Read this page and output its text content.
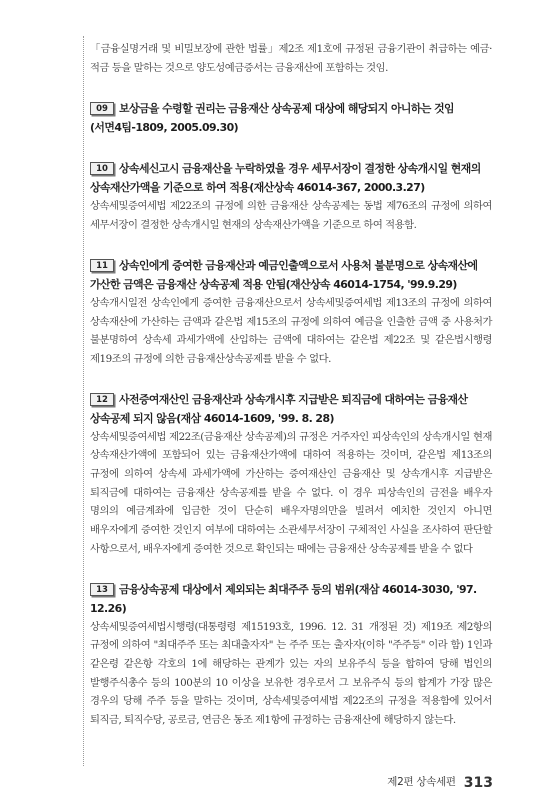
「금융실명거래 및 비밀보장에 관한 법률」제2조 제1호에 규정된 금융기관이 취급하는 예금·적금 등을 말하는 것으로 양도성예금증서는 금융재산에 포함하는 것임.

09 보상금을 수령할 권리는 금융재산 상속공제 대상에 해당되지 아니하는 것임(서면4팀-1809, 2005.09.30)

10 상속세신고시 금융재산을 누락하였을 경우 세무서장이 결정한 상속개시일 현재의 상속재산가액을 기준으로 하여 적용(재산상속 46014-367, 2000.3.27)

상속세및증여세법 제22조의 규정에 의한 금융재산 상속공제는 동법 제76조의 규정에 의하여 세무서장이 결정한 상속개시일 현재의 상속재산가액을 기준으로 하여 적용함.

11 상속인에게 증여한 금융재산과 예금인출액으로서 사용처 불분명으로 상속재산에 가산한 금액은 금융재산 상속공제 적용 안됨(재산상속 46014-1754, '99.9.29)

상속개시일전 상속인에게 증여한 금융재산으로서 상속세및증여세법 제13조의 규정에 의하여 상속재산에 가산하는 금액과 같은법 제15조의 규정에 의하여 예금을 인출한 금액 중 사용처가 불분명하여 상속세 과세가액에 산입하는 금액에 대하여는 같은법 제22조 및 같은법시행령 제19조의 규정에 의한 금융재산상속공제를 받을 수 없다.

12 사전증여재산인 금융재산과 상속개시후 지급받은 퇴직금에 대하여는 금융재산 상속공제 되지 않음(재삼 46014-1609, '99. 8. 28)

상속세및증여세법 제22조(금융재산 상속공제)의 규정은 거주자인 피상속인의 상속개시일 현재 상속재산가액에 포함되어 있는 금융재산가액에 대하여 적용하는 것이며, 같은법 제13조의 규정에 의하여 상속세 과세가액에 가산하는 증여재산인 금융재산 및 상속개시후 지급받은 퇴직금에 대하여는 금융재산 상속공제를 받을 수 없다. 이 경우 피상속인의 금전을 배우자 명의의 예금계좌에 입금한 것이 단순히 배우자명의만을 빌려서 예치한 것인지 아니면 배우자에게 증여한 것인지 여부에 대하여는 소관세무서장이 구체적인 사실을 조사하여 판단할 사항으로서, 배우자에게 증여한 것으로 확인되는 때에는 금융재산 상속공제를 받을 수 없다

13 금융상속공제 대상에서 제외되는 최대주주 등의 범위(재삼 46014-3030, '97. 12.26)

상속세및증여세법시행령(대통령령 제15193호, 1996. 12. 31 개정된 것) 제19조 제2항의 규정에 의하여 "최대주주 또는 최대출자자" 는 주주 또는 출자자(이하 "주주등" 이라 함) 1인과 같은령 같은항 각호의 1에 해당하는 관계가 있는 자의 보유주식 등을 합하여 당해 법인의 발행주식총수 등의 100분의 10 이상을 보유한 경우로서 그 보유주식 등의 합계가 가장 많은 경우의 당해 주주 등을 말하는 것이며, 상속세및증여세법 제22조의 규정을 적용함에 있어서 퇴직금, 퇴직수당, 공로금, 연금은 동조 제1항에 규정하는 금융재산에 해당하지 않는다.

제2편 상속세편 313
